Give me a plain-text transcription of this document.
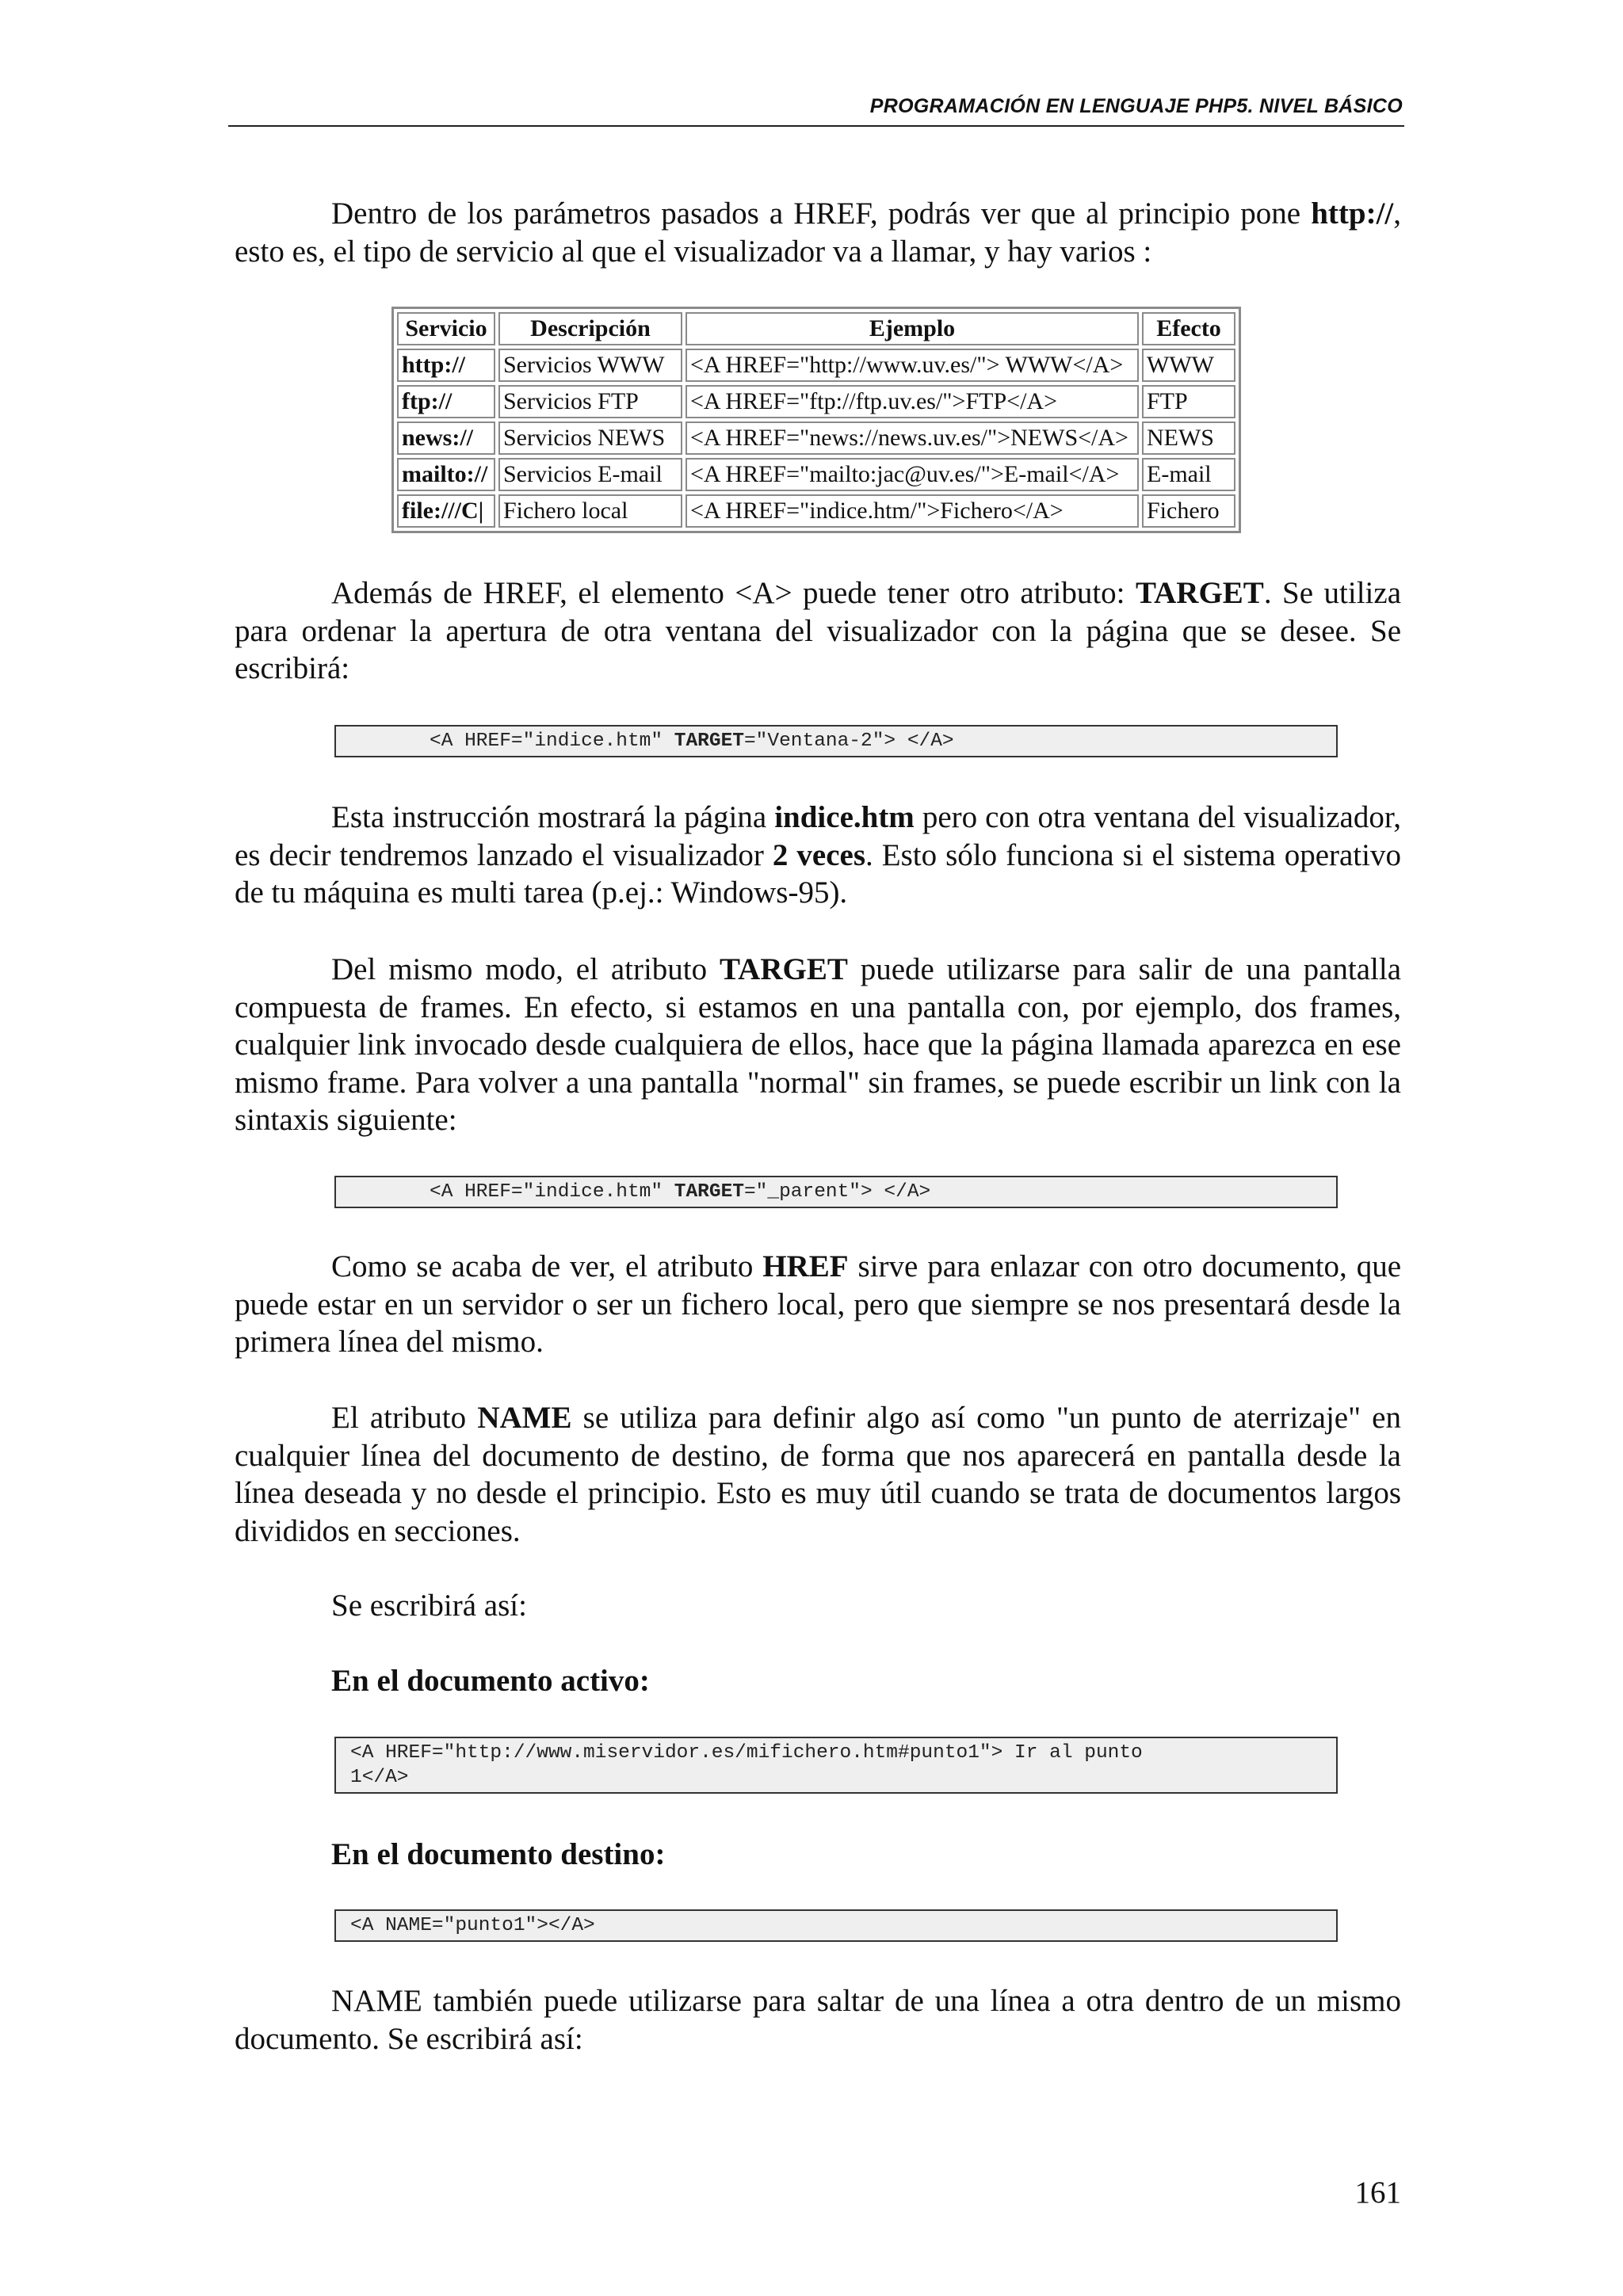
PROGRAMACIÓN EN LENGUAJE PHP5. NIVEL BÁSICO

Dentro de los parámetros pasados a HREF, podrás ver que al principio pone http://, esto es, el tipo de servicio al que el visualizador va a llamar, y hay varios :

Servicio	Descripción	Ejemplo	Efecto
http://	Servicios WWW	<A HREF="http://www.uv.es/"> WWW</A>	WWW
ftp://	Servicios FTP	<A HREF="ftp://ftp.uv.es/">FTP</A>	FTP
news://	Servicios NEWS	<A HREF="news://news.uv.es/">NEWS</A>	NEWS
mailto://	Servicios E-mail	<A HREF="mailto:jac@uv.es/">E-mail</A>	E-mail
file:///C|	Fichero local	<A HREF="indice.htm/">Fichero</A>	Fichero

Además de HREF, el elemento <A> puede tener otro atributo: TARGET. Se utiliza para ordenar la apertura de otra ventana del visualizador con la página que se desee. Se escribirá:

<A HREF="indice.htm" TARGET="Ventana-2"> </A>

Esta instrucción mostrará la página indice.htm pero con otra ventana del visualizador, es decir tendremos lanzado el visualizador 2 veces. Esto sólo funciona si el sistema operativo de tu máquina es multi tarea (p.ej.: Windows-95).

Del mismo modo, el atributo TARGET puede utilizarse para salir de una pantalla compuesta de frames. En efecto, si estamos en una pantalla con, por ejemplo, dos frames, cualquier link invocado desde cualquiera de ellos, hace que la página llamada aparezca en ese mismo frame. Para volver a una pantalla "normal" sin frames, se puede escribir un link con la sintaxis siguiente:

<A HREF="indice.htm" TARGET="_parent"> </A>

Como se acaba de ver, el atributo HREF sirve para enlazar con otro documento, que puede estar en un servidor o ser un fichero local, pero que siempre se nos presentará desde la primera línea del mismo.

El atributo NAME se utiliza para definir algo así como "un punto de aterrizaje" en cualquier línea del documento de destino, de forma que nos aparecerá en pantalla desde la línea deseada y no desde el principio. Esto es muy útil cuando se trata de documentos largos divididos en secciones.

Se escribirá así:

En el documento activo:

<A HREF="http://www.miservidor.es/mifichero.htm#punto1"> Ir al punto
1</A>

En el documento destino:

<A NAME="punto1"></A>

NAME también puede utilizarse para saltar de una línea a otra dentro de un mismo documento. Se escribirá así:

161
